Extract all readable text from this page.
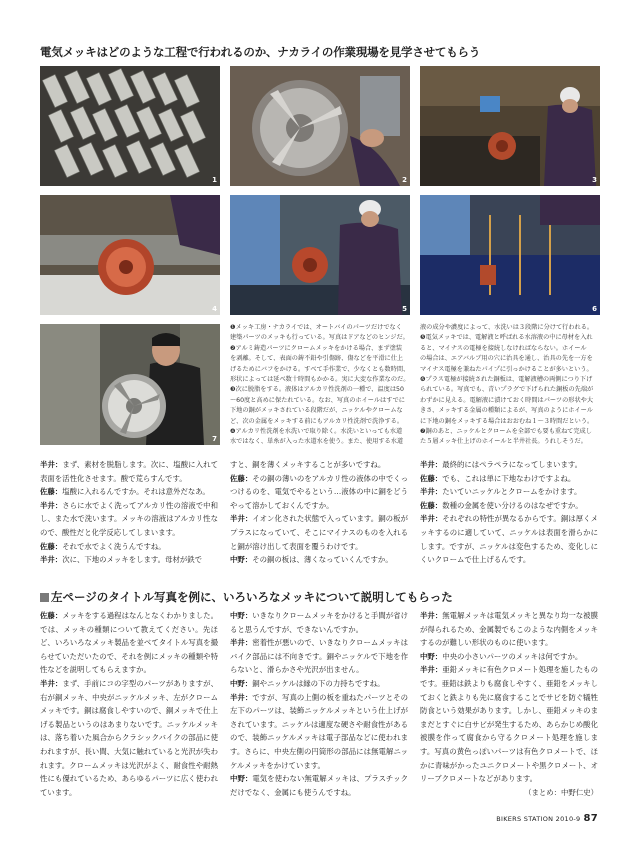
電気メッキはどのような工程で行われるのか、ナカライの作業現場を見学させてもらう
1	2	3
4	5	6
7
❶メッキ工房・ナカライでは、オートバイのパーツだけでなく
建築パーツのメッキも行っている。写真はドアなどのヒンジだ。
❷アルミ鋳造パーツにクロームメッキをかける場合、まず塗装
を剥離。そして、表面の鋳不鉛や引傷跡、傷などを平滑に仕上
げるためにバフをかける。すべて手作業で、少なくとも数時間、
形状によっては延べ数十時間もかかる。実に大変な作業なのだ。
❸次に脱脂をする。液体はアルカリ性洗剤の一種で、温度は50
～60度と高めに保たれている。なお、写真のホイールはすでに
下地の銅がメッキされている段階だが、ニッケルやクロームな
ど、次の金属をメッキする前にもアルカリ性洗剤で洗浄する。
❹アルカリ性洗剤を水洗いで取り除く。水洗いといっても水道
水ではなく、単糸が入った水道水を使う。また、使用する水道
液の成分や濃度によって、水洗いは３段階に分けて行われる。
❺電気メッキでは、電解液と呼ばれる水溶液の中に母材を入れ
ると、マイナスの電極を接続しなければならない。ホイール
の場合は、エアバルブ用の穴に治具を通し、治具の先を一方を
マイナス電極を兼ねたパイプに引っかけることが多いという。
❻プラス電極が接続された銅板は、電解液槽の両側につり下げ
られている。写真でも、青いプラグで下げられた銅板の先端が
わずかに見える。電解液に漬けておく時間はパーツの形状や大
きさ、メッキする金属の種類によるが、写真のようにホイール
に下地の銅をメッキする場合はおおむね１～３時間だという。
❼銅のあと、ニッケルとクロームを全部でも要も重ねて完成し
た５層メッキ仕上げのホイールと半井社長。うれしそうだ。

半井：まず、素材を脱脂します。次に、塩酸に入れて表面を活性化させます。酸で荒らすんです。

佐藤：塩酸に入れるんですか。それは意外だなあ。

半井：さらに水でよく洗ってアルカリ性の溶液で中和し、また水で洗います。メッキの溶液はアルカリ性なので、酸性だと化学反応してしまいます。

佐藤：それで水でよく洗うんですね。

半井：次に、下地のメッキをします。母材が鉄で

すと、銅を薄くメッキすることが多いですね。

佐藤：その銅の薄いのをアルカリ性の液体の中でくっつけるのを、電気でやるという…液体の中に銅をどうやって溶かしておくんですか。

半井：イオン化された状態で入っています。銅の板がプラスになっていて、そこにマイナスのものを入れると銅が溶け出して表面を覆うわけです。

中野：その銅の板は、薄くなっていくんですか。

半井：最終的にはペラペラになってしまいます。

佐藤：でも、これは単に下地なわけですよね。

半井：たいていニッケルとクロームをかけます。

佐藤：数種の金属を使い分けるのはなぜですか。

半井：それぞれの特性が異なるからです。銅は厚くメッキするのに適していて、ニッケルは表面を滑らかにします。ですが、ニッケルは変色するため、変化しにくいクロームで仕上げるんです。

左ページのタイトル写真を例に、いろいろなメッキについて説明してもらった

佐藤：メッキをする過程はなんとなくわかりました。では、メッキの種類について教えてください。先ほど、いろいろなメッキ製品を並べてタイトル写真を撮らせていただいたので、それを例にメッキの種類や特性などを説明してもらえますか。

半井：まず、手前にコの字型のパーツがありますが、右が銅メッキ、中央がニッケルメッキ、左がクロームメッキです。銅は腐食しやすいので、銅メッキで仕上げる製品というのはあまりないです。ニッケルメッキは、落ち着いた風合からクラシックバイクの部品に使われますが、長い間、大気に触れていると光沢が失われます。クロームメッキは光沢がよく、耐食性や耐熱性にも優れているため、あらゆるパーツに広く使われています。

中野：いきなりクロームメッキをかけると手間が省けると思うんですが、できないんですか。

半井：密着性が悪いので、いきなりクロームメッキはバイク部品には不向きです。銅やニッケルで下地を作らないと、滑らかさや光沢が出ません。

中野：銅やニッケルは縁の下の力持ちですね。

半井：ですが、写真の上側の板を重ねたパーツとその左下のパーツは、装飾ニッケルメッキという仕上げがされています。ニッケルは適度な硬さや耐食性があるので、装飾ニッケルメッキは電子部品などに使われます。さらに、中央左側の円筒形の部品には無電解ニッケルメッキをかけています。

中野：電気を使わない無電解メッキは、プラスチックだけでなく、金属にも使うんですね。

半井：無電解メッキは電気メッキと異なり均一な被膜が得られるため、金属製でもこのような内側をメッキするのが難しい形状のものに使います。

中野：中央の小さいパーツのメッキは何ですか。

半井：亜鉛メッキに有色クロメート処理を施したものです。亜鉛は鉄よりも腐食しやすく、亜鉛をメッキしておくと鉄よりも先に腐食することでサビを防ぐ犠牲防食という効果があります。しかし、亜鉛メッキのままだとすぐに白サビが発生するため、あらかじめ酸化被膜を作って腐食から守るクロメート処理を施します。写真の黄色っぽいパーツは有色クロメートで、ほかに青味がかったユニクロメートや黒クロメート、オリーブクロメートなどがあります。

（まとめ：中野仁史）

BIKERS STATION 2010-9 87
